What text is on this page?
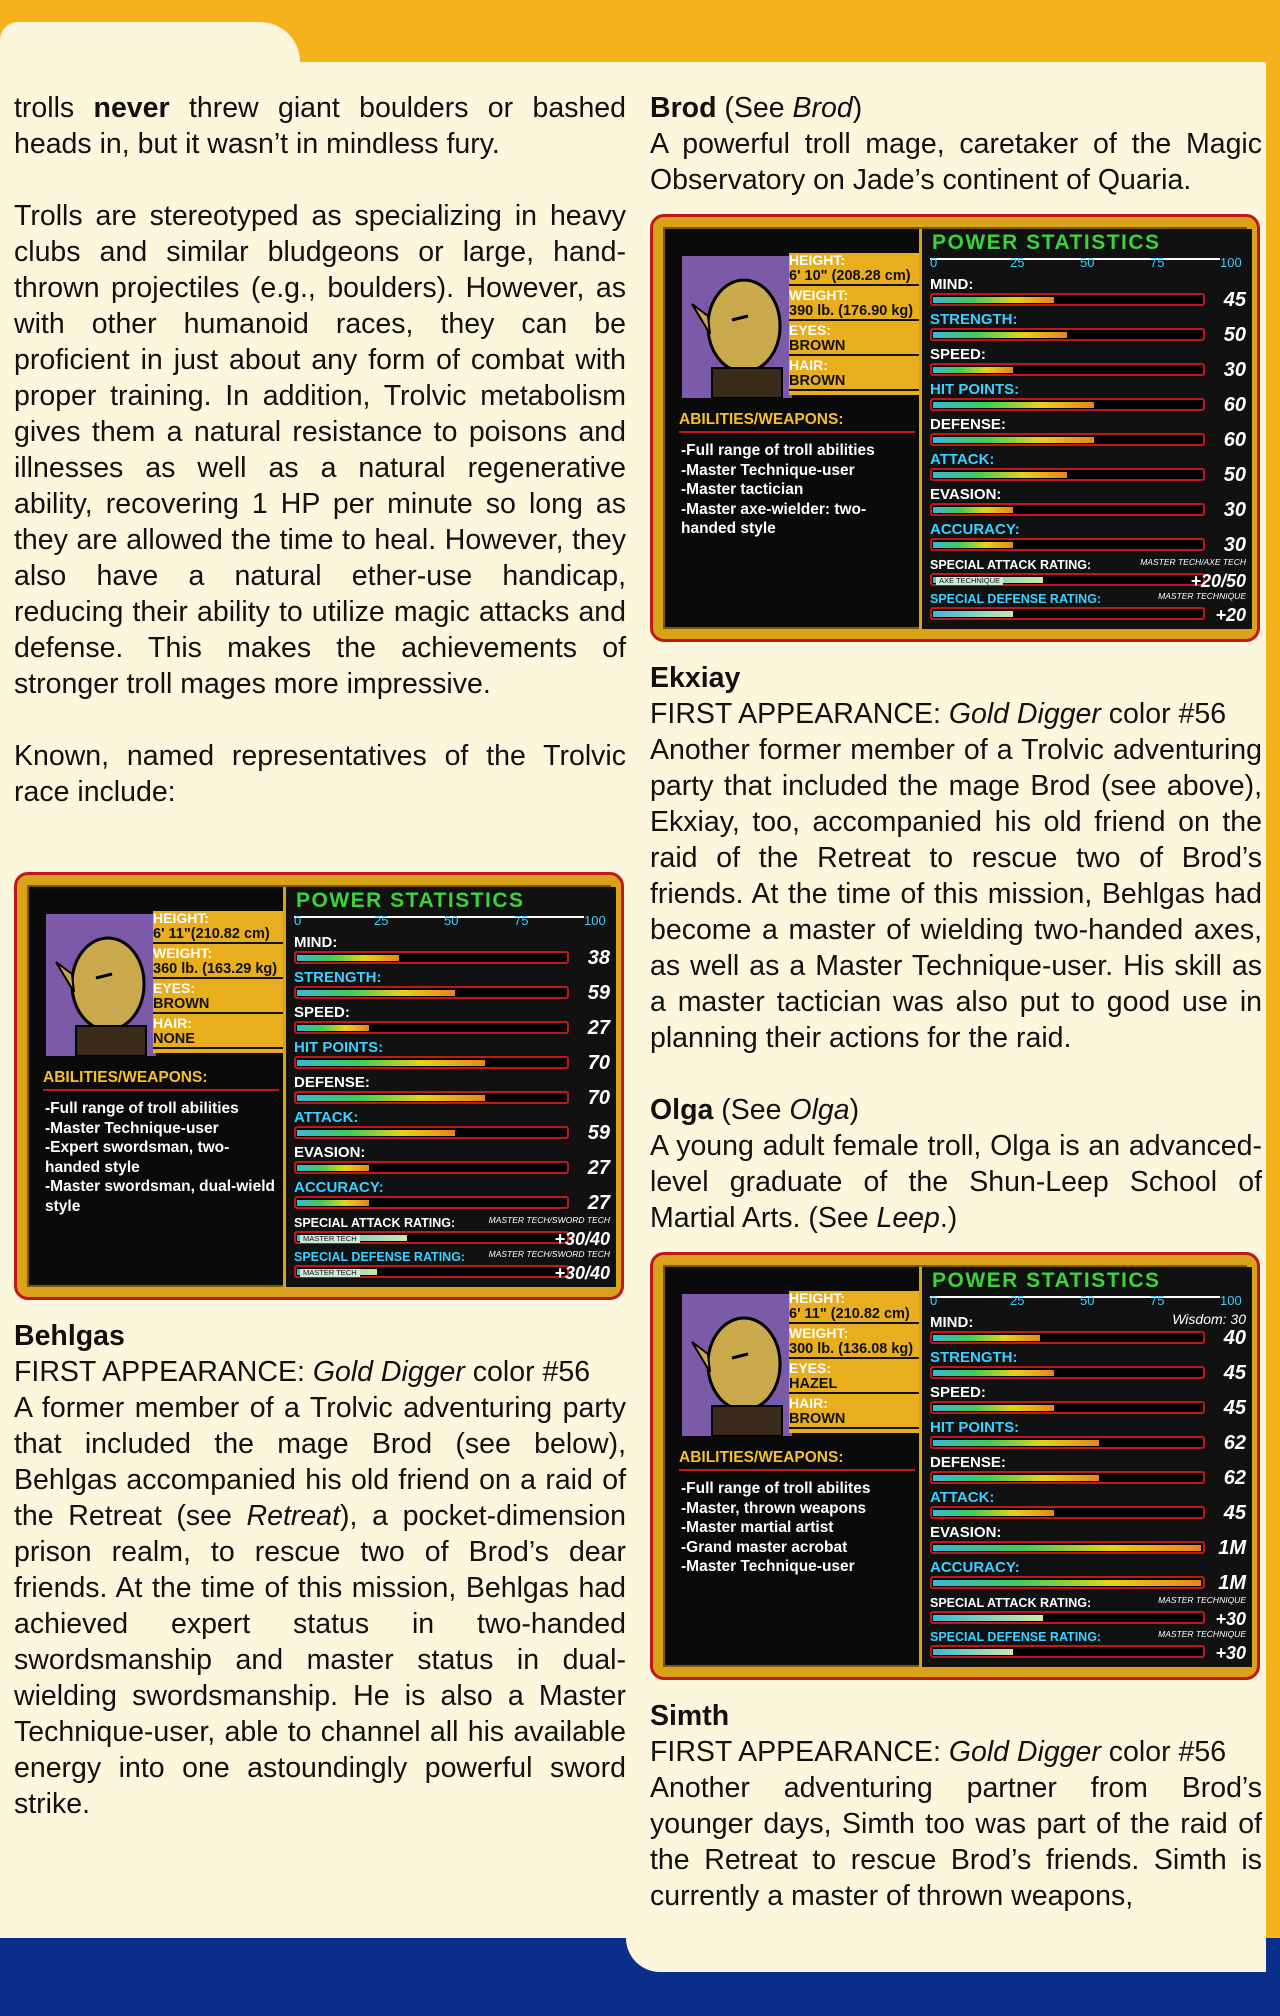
trolls never threw giant boulders or bashed heads in, but it wasn’t in mindless fury.

Trolls are stereotyped as specializing in heavy clubs and similar bludgeons or large, hand-thrown projectiles (e.g., boulders). However, as with other humanoid races, they can be proficient in just about any form of combat with proper training. In addition, Trolvic metabolism gives them a natural resistance to poisons and illnesses as well as a natural regenerative ability, recovering 1 HP per minute so long as they are allowed the time to heal. However, they also have a natural ether-use handicap, reducing their ability to utilize magic attacks and defense. This makes the achievements of stronger troll mages more impressive.

Known, named representatives of the Trolvic race include:

HEIGHT:
6' 11"(210.82 cm)
WEIGHT:
360 lb. (163.29 kg)
EYES:
BROWN
HAIR:
NONE
ABILITIES/WEAPONS:
-Full range of troll abilities
-Master Technique-user
-Expert swordsman, two-handed style
-Master swordsman, dual-wield style
POWER STATISTICS
0	25	50	75	100
MIND:
38
STRENGTH:
59
SPEED:
27
HIT POINTS:
70
DEFENSE:
70
ATTACK:
59
EVASION:
27
ACCURACY:
27
SPECIAL ATTACK RATING:	MASTER TECH/SWORD TECH
MASTER TECH	+30/40
SPECIAL DEFENSE RATING:	MASTER TECH/SWORD TECH
MASTER TECH	+30/40

Behlgas

FIRST APPEARANCE: Gold Digger color #56

A former member of a Trolvic adventuring party that included the mage Brod (see below), Behlgas accompanied his old friend on a raid of the Retreat (see Retreat), a pocket-dimension prison realm, to rescue two of Brod’s dear friends. At the time of this mission, Behlgas had achieved expert status in two-handed swordsmanship and master status in dual-wielding swordsmanship. He is also a Master Technique-user, able to channel all his available energy into one astoundingly powerful sword strike.

Brod (See Brod)

A powerful troll mage, caretaker of the Magic Observatory on Jade’s continent of Quaria.

HEIGHT:
6' 10" (208.28 cm)
WEIGHT:
390 lb. (176.90 kg)
EYES:
BROWN
HAIR:
BROWN
ABILITIES/WEAPONS:
-Full range of troll abilities
-Master Technique-user
-Master tactician
-Master axe-wielder: two-handed style
POWER STATISTICS
0	25	50	75	100
MIND:
45
STRENGTH:
50
SPEED:
30
HIT POINTS:
60
DEFENSE:
60
ATTACK:
50
EVASION:
30
ACCURACY:
30
SPECIAL ATTACK RATING:	MASTER TECH/AXE TECH
AXE TECHNIQUE	+20/50
SPECIAL DEFENSE RATING:	MASTER TECHNIQUE
+20

Ekxiay

FIRST APPEARANCE: Gold Digger color #56

Another former member of a Trolvic adventuring party that included the mage Brod (see above), Ekxiay, too, accompanied his old friend on the raid of the Retreat to rescue two of Brod’s friends. At the time of this mission, Behlgas had become a master of wielding two-handed axes, as well as a Master Technique-user. His skill as a master tactician was also put to good use in planning their actions for the raid.

Olga (See Olga)

A young adult female troll, Olga is an advanced-level graduate of the Shun-Leep School of Martial Arts. (See Leep.)

HEIGHT:
6' 11" (210.82 cm)
WEIGHT:
300 lb. (136.08 kg)
EYES:
HAZEL
HAIR:
BROWN
ABILITIES/WEAPONS:
-Full range of troll abilites
-Master, thrown weapons
-Master martial artist
-Grand master acrobat
-Master Technique-user
POWER STATISTICS
0	25	50	75	100
MIND:	Wisdom: 30
40
STRENGTH:
45
SPEED:
45
HIT POINTS:
62
DEFENSE:
62
ATTACK:
45
EVASION:
1M
ACCURACY:
1M
SPECIAL ATTACK RATING:	MASTER TECHNIQUE
+30
SPECIAL DEFENSE RATING:	MASTER TECHNIQUE
+30

Simth

FIRST APPEARANCE: Gold Digger color #56

Another adventuring partner from Brod’s younger days, Simth too was part of the raid of the Retreat to rescue Brod’s friends. Simth is currently a master of thrown weapons,
